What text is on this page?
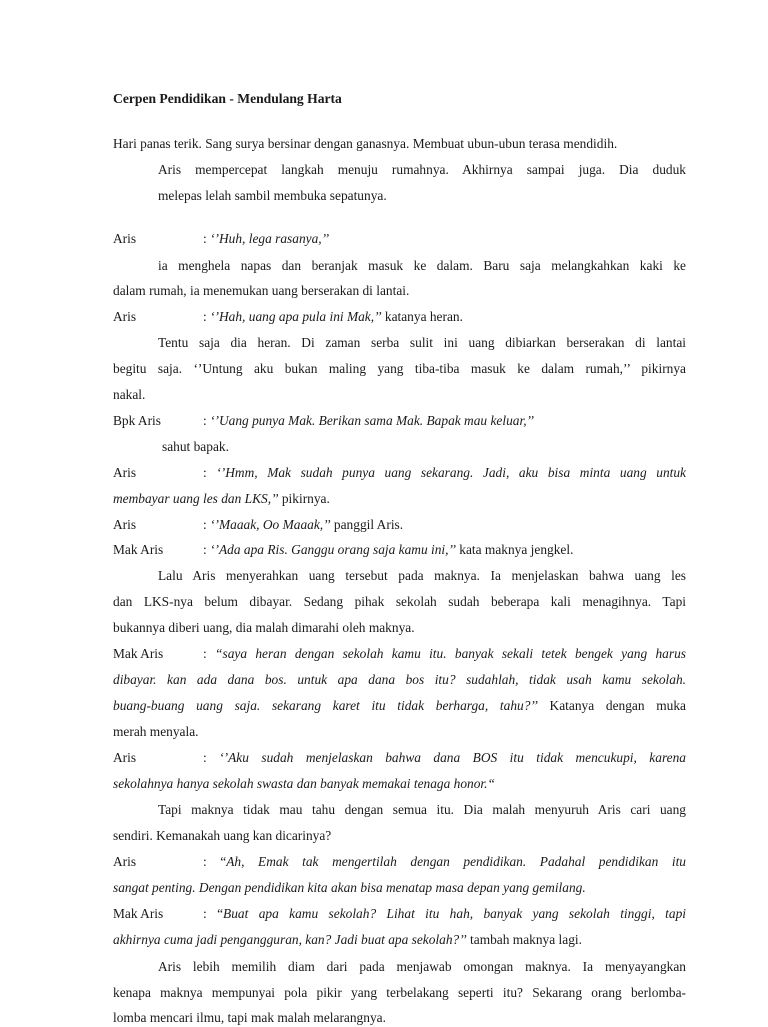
Cerpen Pendidikan - Mendulang Harta
Hari panas terik. Sang surya bersinar dengan ganasnya. Membuat ubun-ubun terasa mendidih.
Aris mempercepat langkah menuju rumahnya. Akhirnya sampai juga. Dia duduk
melepas lelah sambil membuka sepatunya.
Aris	: ‘’Huh, lega rasanya,’’
ia menghela napas dan beranjak masuk ke dalam. Baru saja melangkahkan kaki ke
dalam rumah, ia menemukan uang berserakan di lantai.
Aris	: ‘’Hah, uang apa pula ini Mak,’’ katanya heran.
Tentu saja dia heran. Di zaman serba sulit ini uang dibiarkan berserakan di lantai
begitu saja. ‘’Untung aku bukan maling yang tiba-tiba masuk ke dalam rumah,’’ pikirnya
nakal.
Bpk Aris	: ‘’Uang punya Mak. Berikan sama Mak. Bapak mau keluar,’’
sahut bapak.
Aris	: ‘’Hmm, Mak sudah punya uang sekarang. Jadi, aku bisa minta uang untuk
membayar uang les dan LKS,’’ pikirnya.
Aris	: ‘’Maaak, Oo Maaak,’’ panggil Aris.
Mak Aris	: ‘’Ada apa Ris. Ganggu orang saja kamu ini,’’ kata maknya jengkel.
Lalu Aris menyerahkan uang tersebut pada maknya. Ia menjelaskan bahwa uang les
dan LKS-nya belum dibayar. Sedang pihak sekolah sudah beberapa kali menagihnya. Tapi
bukannya diberi uang, dia malah dimarahi oleh maknya.
Mak Aris	: “saya heran dengan sekolah kamu itu. banyak sekali tetek bengek yang harus
dibayar. kan ada dana bos. untuk apa dana bos itu? sudahlah, tidak usah kamu sekolah.
buang-buang uang saja. sekarang karet itu tidak berharga, tahu?’’ Katanya dengan muka
merah menyala.
Aris	: ‘’Aku sudah menjelaskan bahwa dana BOS itu tidak mencukupi, karena
sekolahnya hanya sekolah swasta dan banyak memakai tenaga honor.“
Tapi maknya tidak mau tahu dengan semua itu. Dia malah menyuruh Aris cari uang
sendiri. Kemanakah uang kan dicarinya?
Aris	: “Ah, Emak tak mengertilah dengan pendidikan. Padahal pendidikan itu
sangat penting. Dengan pendidikan kita akan bisa menatap masa depan yang gemilang.
Mak Aris	: “Buat apa kamu sekolah? Lihat itu hah, banyak yang sekolah tinggi, tapi
akhirnya cuma jadi pengangguran, kan? Jadi buat apa sekolah?’’ tambah maknya lagi.
Aris lebih memilih diam dari pada menjawab omongan maknya. Ia menyayangkan
kenapa maknya mempunyai pola pikir yang terbelakang seperti itu? Sekarang orang berlomba-
lomba mencari ilmu, tapi mak malah melarangnya.
